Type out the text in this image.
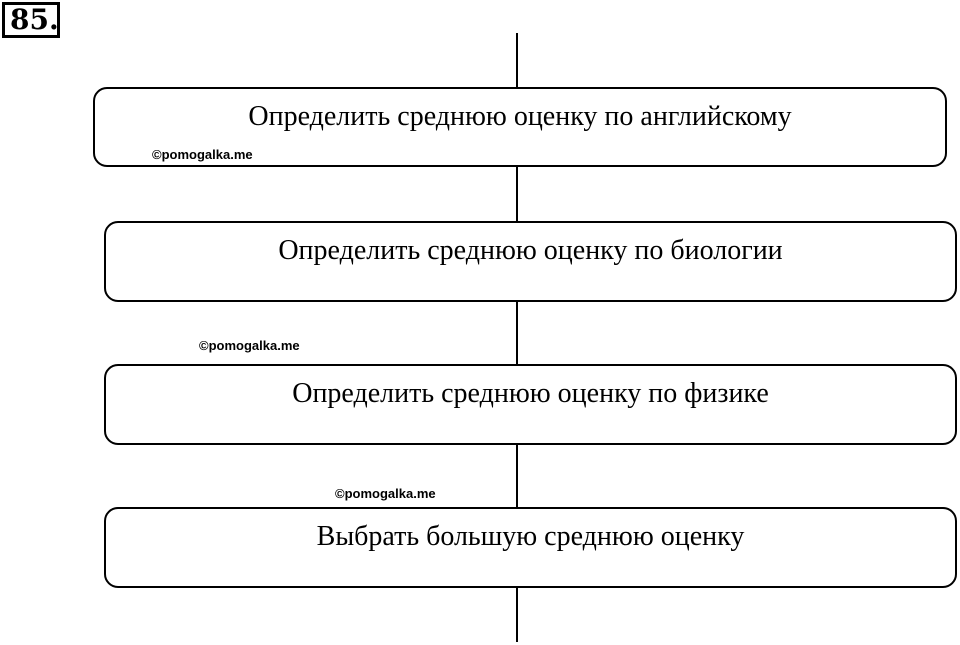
85.
Определить среднюю оценку по английскому
Определить среднюю оценку по биологии
Определить среднюю оценку по физике
Выбрать большую среднюю оценку
©pomogalka.me
©pomogalka.me
©pomogalka.me
